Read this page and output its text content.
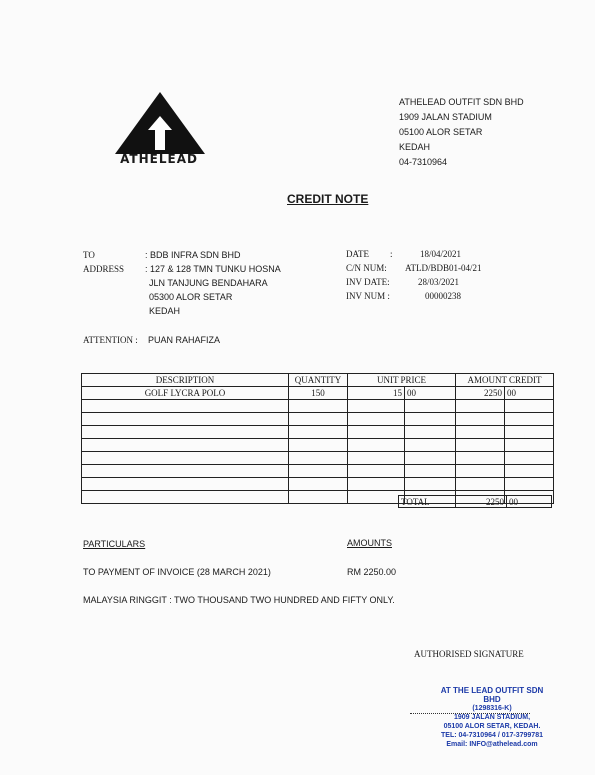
ATHELEAD
ATHELEAD OUTFIT SDN BHD
1909 JALAN STADIUM
05100 ALOR SETAR
KEDAH
04-7310964
CREDIT NOTE
TO	: BDB INFRA SDN BHD
ADDRESS : 127 & 128 TMN TUNKU HOSNA
JLN TANJUNG BENDAHARA
05300 ALOR SETAR
KEDAH
DATE :	18/04/2021
C/N NUM: ATLD/BDB01-04/21
INV DATE:	28/03/2021
INV NUM :	00000238
ATTENTION : PUAN RAHAFIZA
DESCRIPTION	QUANTITY	UNIT PRICE		AMOUNT CREDIT	
GOLF LYCRA POLO	150	15	00	2250	00

TOTAL	2250	00
PARTICULARS	AMOUNTS
TO PAYMENT OF INVOICE (28 MARCH 2021)	RM 2250.00
MALAYSIA RINGGIT : TWO THOUSAND TWO HUNDRED AND FIFTY ONLY.
AUTHORISED SIGNATURE
AT THE LEAD OUTFIT SDN BHD
(1298316-K)
1909 JALAN STADIUM,
05100 ALOR SETAR, KEDAH.
TEL: 04-7310964 / 017-3799781
Email: INFO@athelead.com
